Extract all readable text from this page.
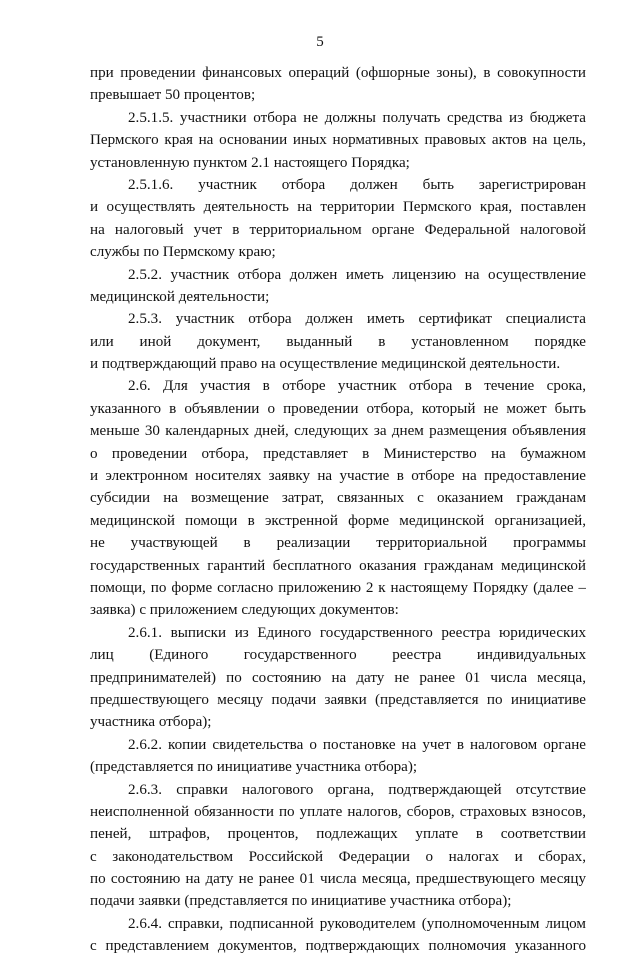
5
при проведении финансовых операций (офшорные зоны), в совокупности
превышает 50 процентов;
2.5.1.5. участники отбора не должны получать средства из бюджета
Пермского края на основании иных нормативных правовых актов на цель,
установленную пунктом 2.1 настоящего Порядка;
2.5.1.6. участник отбора должен быть зарегистрирован
и осуществлять деятельность на территории Пермского края, поставлен
на налоговый учет в территориальном органе Федеральной налоговой
службы по Пермскому краю;
2.5.2. участник отбора должен иметь лицензию на осуществление
медицинской деятельности;
2.5.3. участник отбора должен иметь сертификат специалиста
или иной документ, выданный в установленном порядке
и подтверждающий право на осуществление медицинской деятельности.
2.6. Для участия в отборе участник отбора в течение срока,
указанного в объявлении о проведении отбора, который не может быть
меньше 30 календарных дней, следующих за днем размещения объявления
о проведении отбора, представляет в Министерство на бумажном
и электронном носителях заявку на участие в отборе на предоставление
субсидии на возмещение затрат, связанных с оказанием гражданам
медицинской помощи в экстренной форме медицинской организацией,
не участвующей в реализации территориальной программы
государственных гарантий бесплатного оказания гражданам медицинской
помощи, по форме согласно приложению 2 к настоящему Порядку (далее –
заявка) с приложением следующих документов:
2.6.1. выписки из Единого государственного реестра юридических
лиц (Единого государственного реестра индивидуальных
предпринимателей) по состоянию на дату не ранее 01 числа месяца,
предшествующего месяцу подачи заявки (представляется по инициативе
участника отбора);
2.6.2. копии свидетельства о постановке на учет в налоговом органе
(представляется по инициативе участника отбора);
2.6.3. справки налогового органа, подтверждающей отсутствие
неисполненной обязанности по уплате налогов, сборов, страховых взносов,
пеней, штрафов, процентов, подлежащих уплате в соответствии
с законодательством Российской Федерации о налогах и сборах,
по состоянию на дату не ранее 01 числа месяца, предшествующего месяцу
подачи заявки (представляется по инициативе участника отбора);
2.6.4. справки, подписанной руководителем (уполномоченным лицом
с представлением документов, подтверждающих полномочия указанного
